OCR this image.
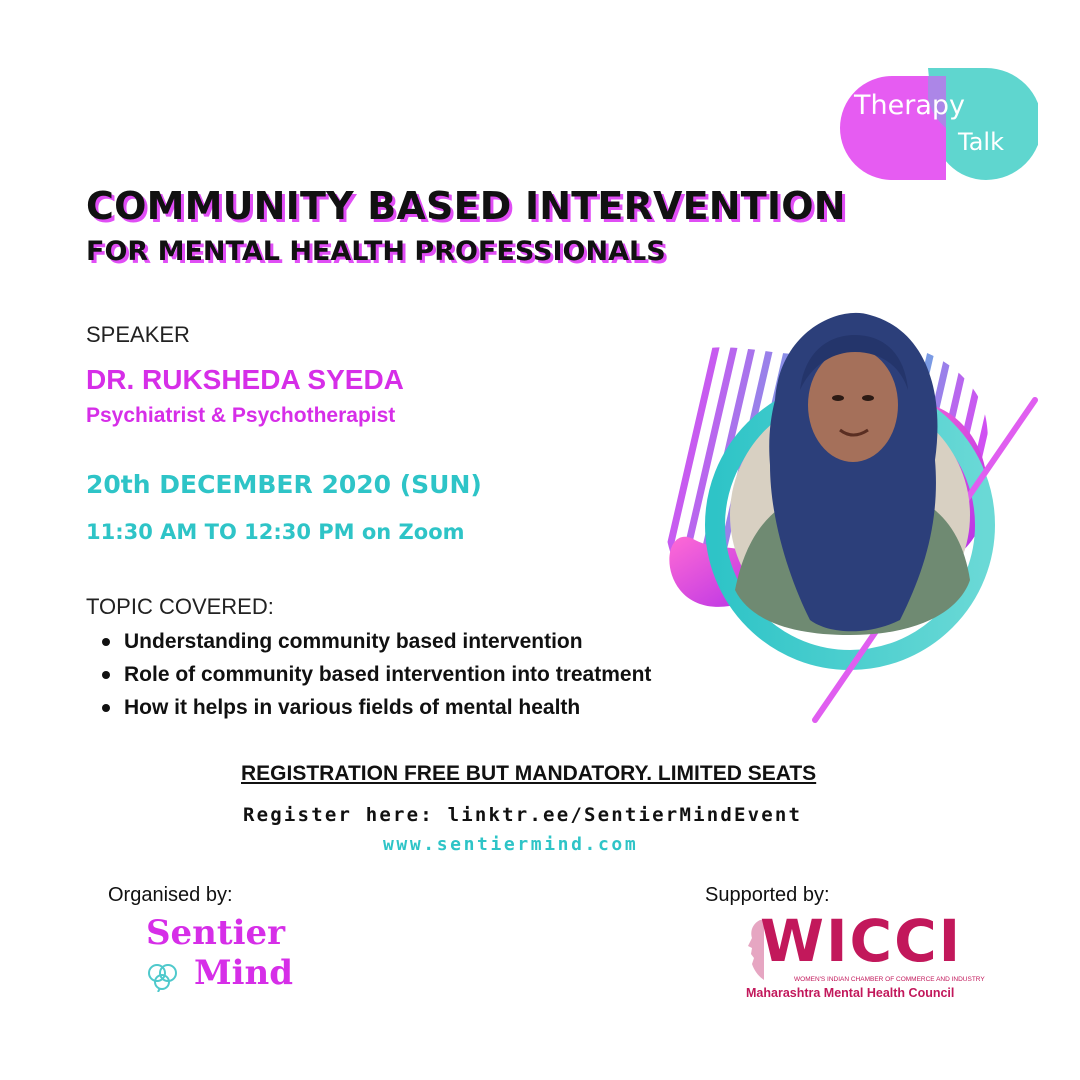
Therapy
Talk
COMMUNITY BASED INTERVENTION
FOR MENTAL HEALTH PROFESSIONALS
SPEAKER
DR. RUKSHEDA SYEDA
Psychiatrist & Psychotherapist
20th DECEMBER 2020 (SUN)
11:30 AM TO 12:30 PM on Zoom
TOPIC COVERED:
Understanding community based intervention
Role of community based intervention into treatment
How it helps in various fields of mental health
REGISTRATION FREE BUT MANDATORY. LIMITED SEATS
Register here: linktr.ee/SentierMindEvent
www.sentiermind.com
Organised by:
Sentier
Mind
Supported by:
WICCI
WOMEN'S INDIAN CHAMBER OF COMMERCE AND INDUSTRY
Maharashtra Mental Health Council
